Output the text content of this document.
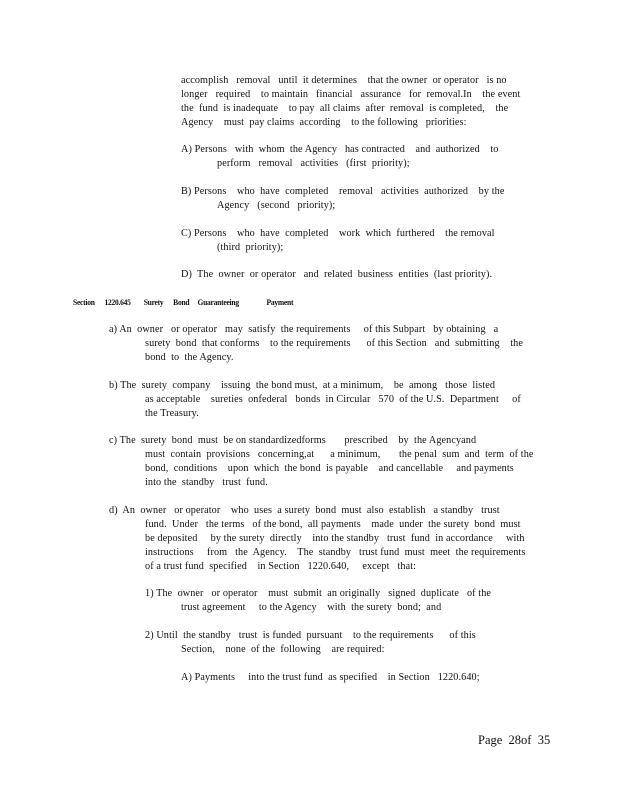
accomplish   removal   until  it determines    that the owner  or operator   is no
longer   required    to maintain   financial   assurance   for  removal.In    the event
the  fund  is inadequate    to pay  all claims  after  removal  is completed,    the
Agency    must  pay claims  according    to the following   priorities:
A) Persons   with  whom  the Agency   has contracted    and  authorized    to
perform   removal   activities   (first  priority);
B) Persons    who  have  completed    removal   activities  authorized    by the
Agency   (second   priority);
C) Persons    who  have  completed    work  which  furthered    the removal
(third  priority);
D)  The  owner  or operator   and  related  business  entities  (last priority).
Section      1220.645        Surety      Bond     Guaranteeing                 Payment
a) An  owner   or operator   may  satisfy  the requirements     of this Subpart   by obtaining   a
surety  bond  that conforms    to the requirements      of this Section   and  submitting    the
bond  to  the Agency.
b) The  surety  company    issuing  the bond must,  at a minimum,    be  among   those  listed
as acceptable    sureties  onfederal   bonds  in Circular   570  of the U.S.  Department     of
the Treasury.
c) The  surety  bond  must  be on standardizedforms       prescribed    by  the Agencyand
must  contain  provisions   concerning,at      a minimum,       the penal  sum  and  term  of the
bond,  conditions    upon  which  the bond  is payable    and cancellable     and payments
into the  standby   trust  fund.
d)  An  owner   or operator    who  uses  a surety  bond  must  also  establish   a standby   trust
fund.  Under   the terms   of the bond,  all payments    made  under  the surety  bond  must
be deposited     by the surety  directly    into the standby   trust  fund  in accordance     with
instructions     from   the  Agency.    The  standby   trust fund  must  meet  the requirements
of a trust fund  specified    in Section   1220.640,     except   that:
1) The  owner   or operator    must  submit  an originally   signed  duplicate   of the
trust agreement     to the Agency    with  the surety  bond;  and
2) Until  the standby   trust  is funded  pursuant    to the requirements      of this
Section,    none  of the  following    are required:
A) Payments     into the trust fund  as specified    in Section   1220.640;
Page  28of  35
